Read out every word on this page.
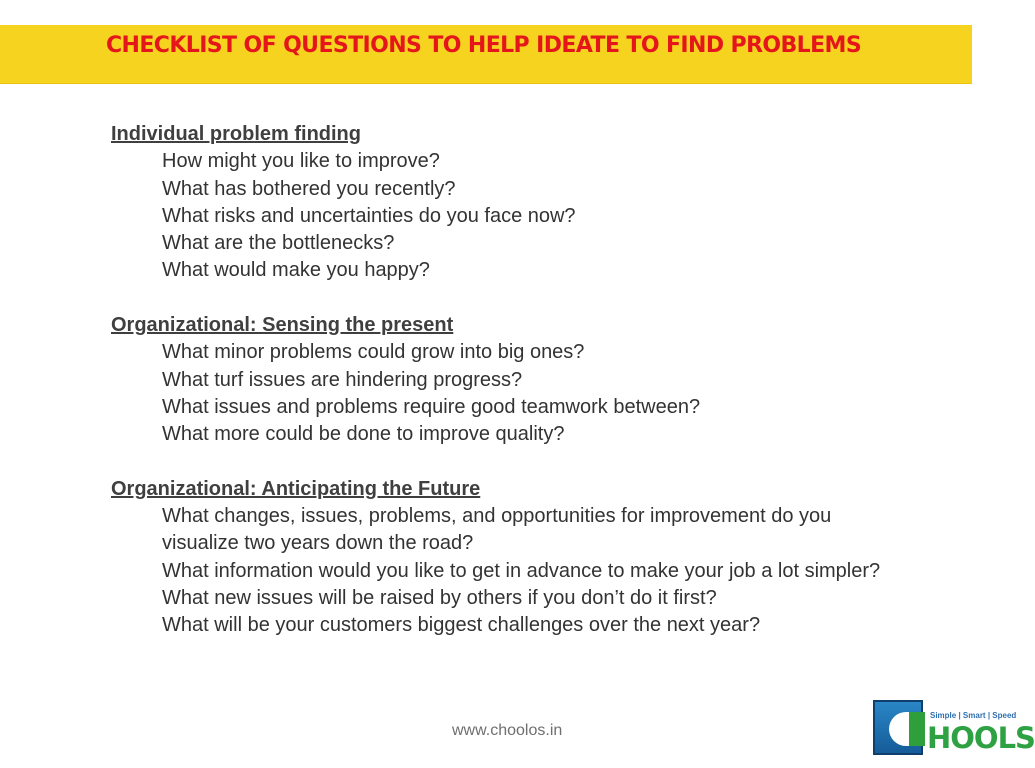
CHECKLIST OF QUESTIONS TO HELP IDEATE TO FIND PROBLEMS
Individual problem finding
How might you like to improve?
What has bothered you recently?
What risks and uncertainties do you face now?
What are the bottlenecks?
What would make you happy?
Organizational: Sensing the present
What minor problems could grow into big ones?
What turf issues are hindering progress?
What issues and problems require good teamwork between?
What more could be done to improve quality?
Organizational: Anticipating the Future
What changes, issues, problems, and opportunities for improvement do you visualize two years down the road?
What information would you like to get in advance to make your job a lot simpler?
What new issues will be raised by others if you don’t do it first?
What will be your customers biggest challenges over the next year?
www.choolos.in
Simple | Smart | Speed
HOOLS
